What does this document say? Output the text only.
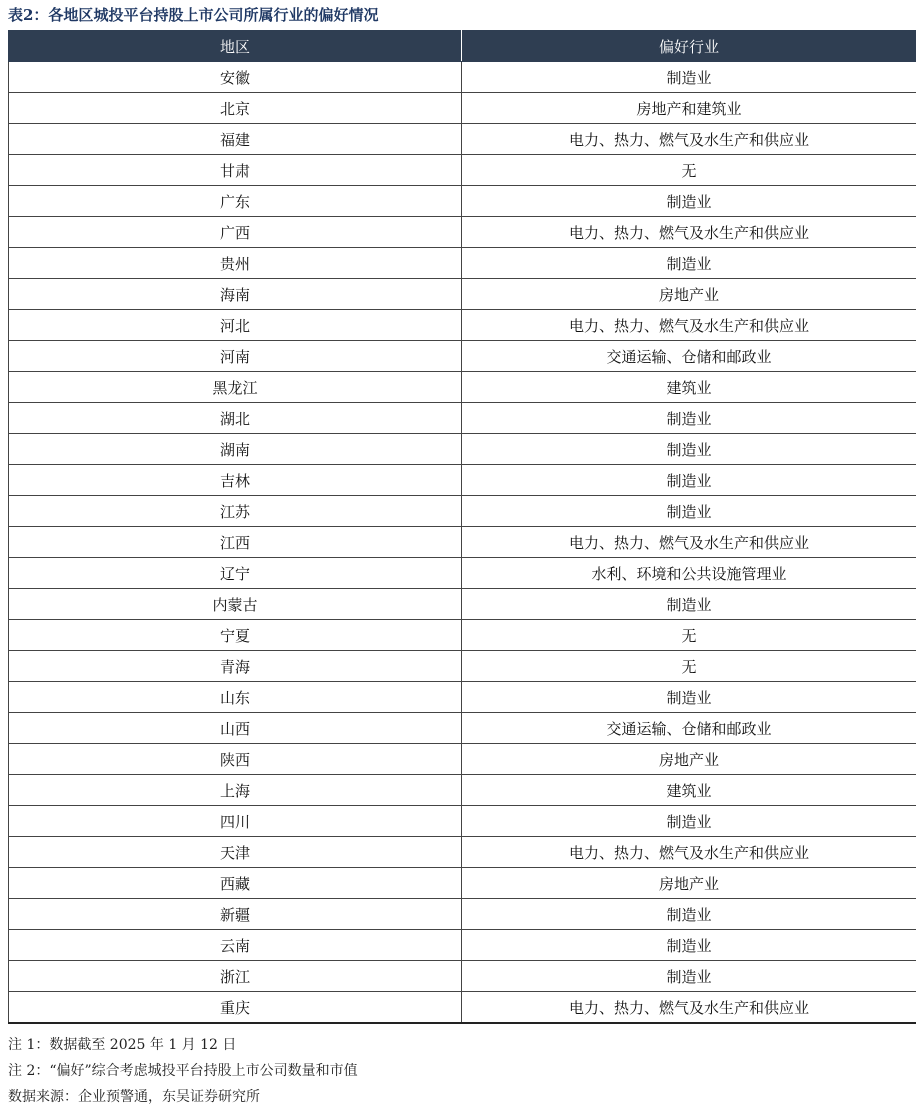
表2：各地区城投平台持股上市公司所属行业的偏好情况
地区	偏好行业
安徽	制造业
北京	房地产和建筑业
福建	电力、热力、燃气及水生产和供应业
甘肃	无
广东	制造业
广西	电力、热力、燃气及水生产和供应业
贵州	制造业
海南	房地产业
河北	电力、热力、燃气及水生产和供应业
河南	交通运输、仓储和邮政业
黑龙江	建筑业
湖北	制造业
湖南	制造业
吉林	制造业
江苏	制造业
江西	电力、热力、燃气及水生产和供应业
辽宁	水利、环境和公共设施管理业
内蒙古	制造业
宁夏	无
青海	无
山东	制造业
山西	交通运输、仓储和邮政业
陕西	房地产业
上海	建筑业
四川	制造业
天津	电力、热力、燃气及水生产和供应业
西藏	房地产业
新疆	制造业
云南	制造业
浙江	制造业
重庆	电力、热力、燃气及水生产和供应业
注 1：数据截至 2025 年 1 月 12 日
注 2：“偏好”综合考虑城投平台持股上市公司数量和市值
数据来源：企业预警通，东吴证券研究所
